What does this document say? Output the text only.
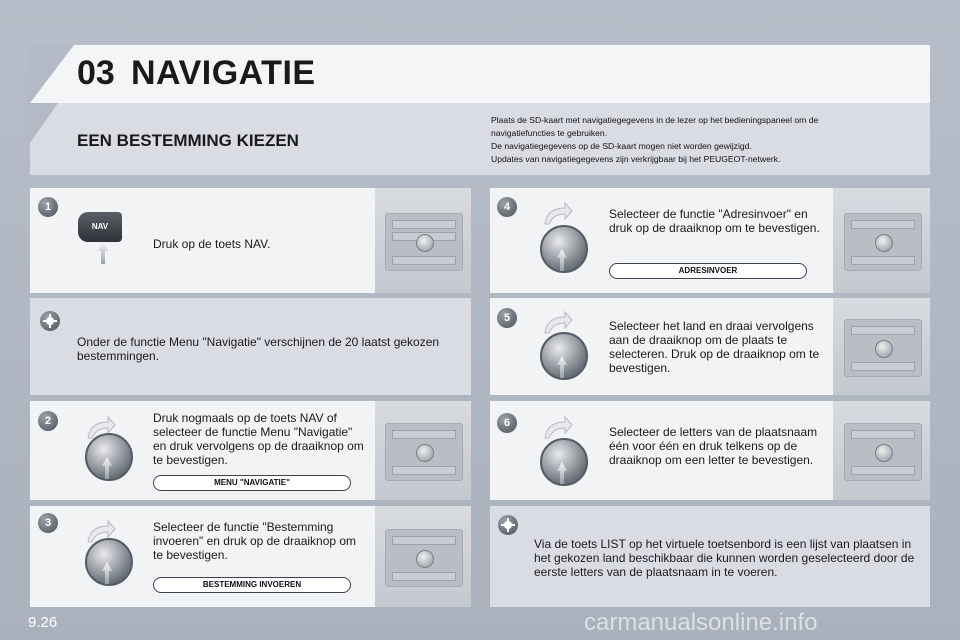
03 NAVIGATIE
EEN BESTEMMING KIEZEN
Plaats de SD-kaart met navigatiegegevens in de lezer op het bedieningspaneel om de
navigatiefuncties te gebruiken.
De navigatiegegevens op de SD-kaart mogen niet worden gewijzigd.
Updates van navigatiegegevens zijn verkrijgbaar bij het PEUGEOT-netwerk.
1
NAV
Druk op de toets NAV.
Onder de functie Menu "Navigatie" verschijnen de 20 laatst gekozen bestemmingen.
2	Druk nogmaals op de toets NAV of selecteer de functie Menu "Navigatie" en druk vervolgens op de draaiknop om te bevestigen.
MENU "NAVIGATIE"
3	Selecteer de functie "Bestemming invoeren" en druk op de draaiknop om te bevestigen.
BESTEMMING INVOEREN
4	Selecteer de functie "Adresinvoer" en druk op de draaiknop om te bevestigen.
ADRESINVOER
5
Selecteer het land en draai vervolgens aan de draaiknop om de plaats te selecteren. Druk op de draaiknop om te bevestigen.
6
Selecteer de letters van de plaatsnaam één voor één en druk telkens op de draaiknop om een letter te bevestigen.
Via de toets LIST op het virtuele toetsenbord is een lijst van plaatsen in het gekozen land beschikbaar die kunnen worden geselecteerd door de eerste letters van de plaatsnaam in te voeren.
9.26	carmanualsonline.info
